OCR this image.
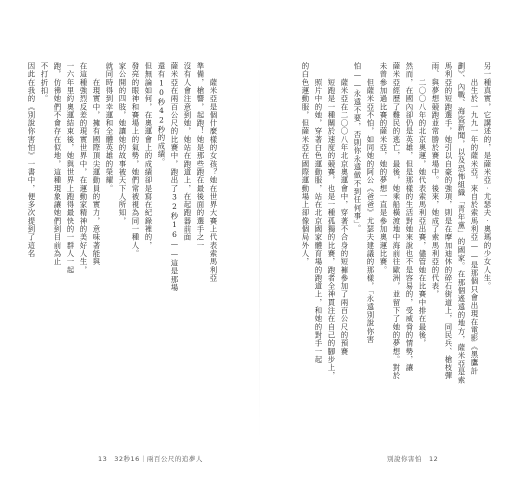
因此在我的《別說你害怕》一書中，便多次提到了這名 不打折扣。 跑，仿彿她們不會存在似地，這種現象讓她們到目前為止 一六年里約奧運結束後，她與世界上跑得最快的一群人一起 在這種強烈反差的現實世界中，在運動家精神的美好人生， 　　在現實中，擁有國際頂尖運動員的實力，意味著能與 就同時得到幸運和全體英雄的榮耀。 家公開的四肢，她讓她的故事被天下人所知， 發亮的眼神和賽場上的氣勢，她們常被視為同一種人。 但無論如何，在奧運會上的成績卻是寫在紀錄裡的， 還有10秒42秒的成績。 薩米亞在兩百公尺的比賽中，跑出了32秒16——這是那場 沒有人會注意到她，她站在跑道上，在起跑器前面 準備，槍響，起跑！她是那些跑在最後面的選手之一 　　薩米亞是個什麼樣的女孩？她在世界大賽上代表索馬利亞

13　32秒16｜兩百公尺的追夢人
另一種真實，它講述的，是薩米亞‧尤瑟夫‧奧瑪的少女人生。
　　出生於一九九一年的薩米亞，來自於索馬利亞——是那個只會出現在電影《黑鷹計
劃》、內戰、海盜新聞，以及恐怖組織「青年黨」的國家。在那個遙遠的地方，薩米亞是索
馬利亞的短跑選手，她引以自豪的強項，則是在摩加迪休的碎石街道上，同民兵、槍枝彈
雨、與夢想競跑並常勝於賽場中。後來，她成了索馬利亞的代表，
　　二〇〇八年的北京奧運，她代表索馬利亞出賽，儘管她在比賽中排在最後，
然而，在國內卻仍是英雄，但是那樣的生活對她來說也不是容易的，受威脅的情勢，讓
薩米亞經歷了難民的逃亡，最後，她乘船橫渡地中海前往歐洲，並留下了她的夢想。對於
未曾參加過比賽的薩米亞，她的夢想一直是參加奧運比賽。
　　但薩米亞不怕，如同她的阿公《爸爸》尤瑟夫建議的那樣，「永遠別說你害
怕——永遠不要，否則你永遠做不到任何事」。
　　薩米亞在二〇〇八年北京奧運會中，穿著不合身的短褲參加了兩百公尺的預賽
　　短跑是一種關於速度的競賽，也是一種孤獨的比賽，跑者全神貫注在自己的腳步上，
　　照片中的她，穿著白色運動服，站在北京國家體育場的跑道上，和她的對手一起
的白色運動服，但薩米亞在國際運動場上卻像個局外人，

別說你害怕　12
